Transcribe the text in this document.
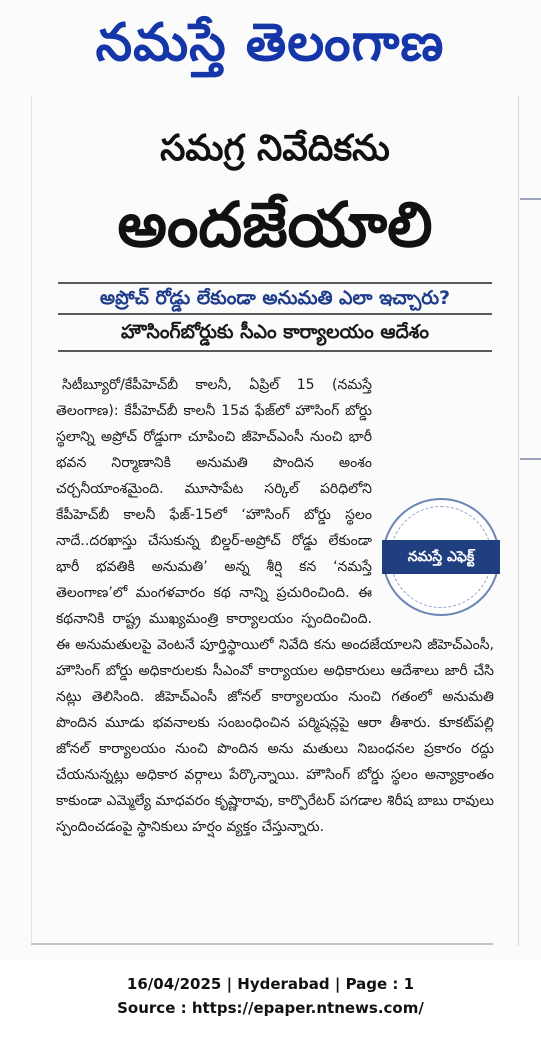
నమస్తే తెలంగాణ
సమగ్ర నివేదికను
అందజేయాలి
అప్రోచ్ రోడ్డు లేకుండా అనుమతి ఎలా ఇచ్చారు?
హౌసింగ్‌బోర్డుకు సీఎం కార్యాలయం ఆదేశం
నమస్తే ఎఫెక్ట్

సిటీబ్యూరో/కేపీహెచ్‌బీ కాలనీ, ఏప్రిల్ 15 (నమస్తే తెలంగాణ): కేపీహెచ్‌బీ కాలనీ 15వ ఫేజ్‌లో హౌసింగ్ బోర్డు స్థలాన్ని అప్రోచ్ రోడ్డుగా చూపించి జీహెచ్‌ఎంసీ నుంచి భారీ భవన నిర్మాణానికి అనుమతి పొందిన అంశం చర్చనీయాంశమైంది. మూసాపేట సర్కిల్ పరిధిలోని కేపీహెచ్‌బీ కాలనీ ఫేజ్-15లో ‘హౌసింగ్ బోర్డు స్థలం నాదే..దరఖాస్తు చేసుకున్న బిల్డర్-అప్రోచ్ రోడ్డు లేకుండా భారీ భవతికి అనుమతి’ అన్న శీర్షి కన ‘నమస్తే తెలంగాణ’లో మంగళవారం కథ నాన్ని ప్రచురించింది. ఈ కథనానికి రాష్ట్ర ముఖ్యమంత్రి కార్యాలయం స్పందించింది. ఈ అనుమతులపై వెంటనే పూర్తిస్థాయిలో నివేది కను అందజేయాలని జీహెచ్‌ఎంసీ, హౌసింగ్ బోర్డు అధికారులకు సీఎంవో కార్యాయల అధికారులు ఆదేశాలు జారీ చేసి నట్లు తెలిసింది. జీహెచ్‌ఎంసీ జోనల్ కార్యాలయం నుంచి గతంలో అనుమతి పొందిన మూడు భవనాలకు సంబంధించిన పర్మిషన్లపై ఆరా తీశారు. కూకట్‌పల్లి జోనల్ కార్యాలయం నుంచి పొందిన అను మతులు నిబంధనల ప్రకారం రద్దు చేయనున్నట్లు అధికార వర్గాలు పేర్కొన్నాయి. హౌసింగ్ బోర్డు స్థలం అన్యాక్రాంతం కాకుండా ఎమ్మెల్యే మాధవరం కృష్ణారావు, కార్పొరేటర్ పగడాల శిరీష బాబు రావులు స్పందించడంపై స్థానికులు హర్షం వ్యక్తం చేస్తున్నారు.

16/04/2025 | Hyderabad | Page : 1
Source : https://epaper.ntnews.com/
